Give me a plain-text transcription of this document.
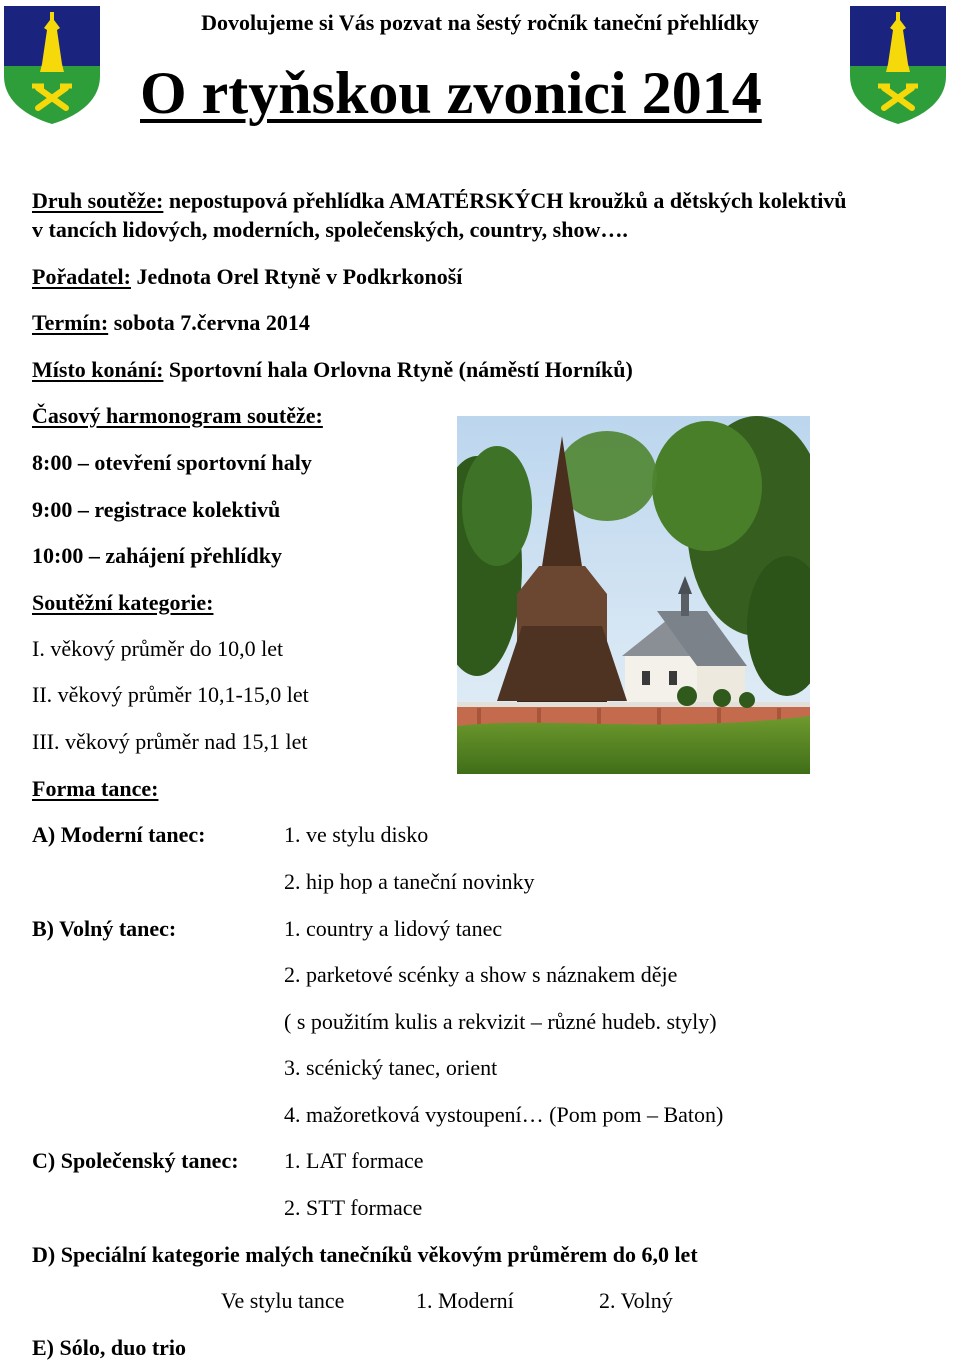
Dovolujeme si Vás pozvat na šestý ročník taneční přehlídky
O rtyňskou zvonici 2014
Druh soutěže: nepostupová přehlídka AMATÉRSKÝCH kroužků a dětských kolektivů
v tancích lidových, moderních, společenských, country, show….
Pořadatel: Jednota Orel Rtyně v Podkrkonoší
Termín: sobota 7.června 2014
Místo konání: Sportovní hala Orlovna Rtyně (náměstí Horníků)
Časový harmonogram soutěže:
8:00 – otevření sportovní haly
9:00 – registrace kolektivů
10:00 – zahájení přehlídky
Soutěžní kategorie:
I. věkový průměr do 10,0 let
II. věkový průměr 10,1-15,0 let
III. věkový průměr nad 15,1 let
Forma tance:
A) Moderní tanec:	1. ve stylu disko
2. hip hop a taneční novinky
B) Volný tanec:	1. country a lidový tanec
2. parketové scénky a show s náznakem děje
( s použitím kulis a rekvizit – různé hudeb. styly)
3. scénický tanec, orient
4. mažoretková vystoupení… (Pom pom – Baton)
C) Společenský tanec: 1. LAT formace
2. STT formace
D) Speciální kategorie malých tanečníků věkovým průměrem do 6,0 let
Ve stylu tance	1. Moderní	2. Volný
E) Sólo, duo trio
